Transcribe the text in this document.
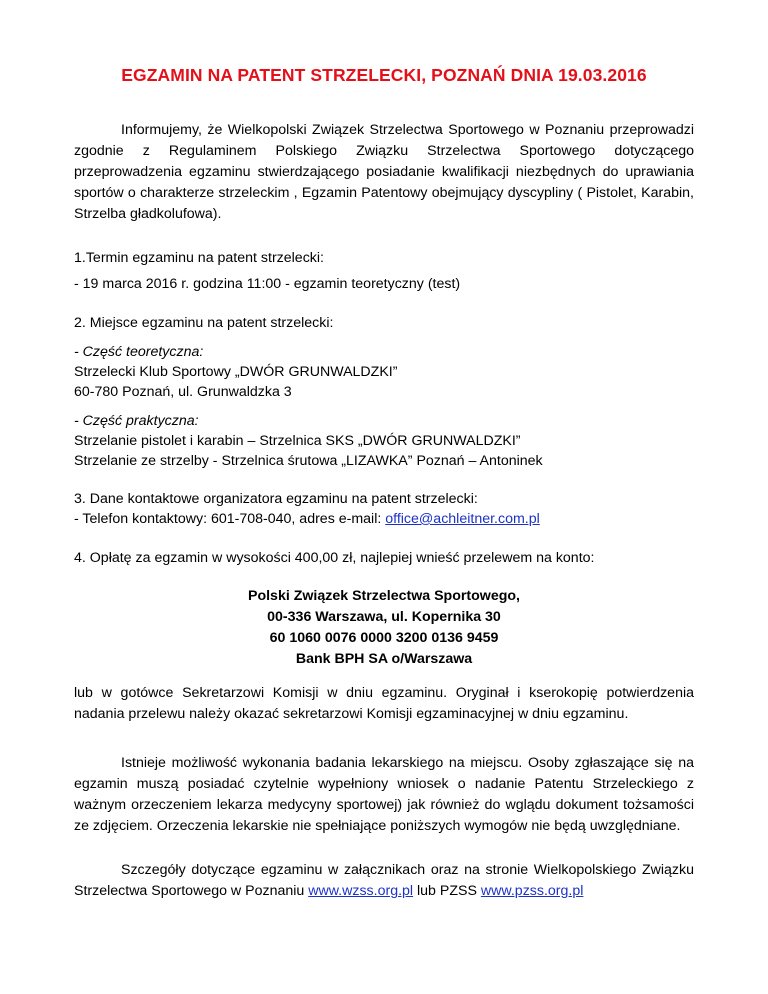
EGZAMIN NA PATENT STRZELECKI, POZNAŃ DNIA 19.03.2016
Informujemy, że Wielkopolski Związek Strzelectwa Sportowego w Poznaniu przeprowadzi zgodnie z Regulaminem Polskiego Związku Strzelectwa Sportowego dotyczącego przeprowadzenia egzaminu stwierdzającego posiadanie kwalifikacji niezbędnych do uprawiania sportów o charakterze strzeleckim , Egzamin Patentowy obejmujący dyscypliny ( Pistolet, Karabin, Strzelba gładkolufowa).
1.Termin egzaminu na patent strzelecki:
- 19 marca 2016 r. godzina 11:00 - egzamin teoretyczny (test)
2. Miejsce egzaminu na patent strzelecki:
- Część teoretyczna:
Strzelecki Klub Sportowy „DWÓR GRUNWALDZKI”
60-780 Poznań, ul. Grunwaldzka 3
- Część praktyczna:
Strzelanie pistolet i karabin – Strzelnica SKS „DWÓR GRUNWALDZKI”
Strzelanie ze strzelby - Strzelnica śrutowa „LIZAWKA” Poznań – Antoninek
3. Dane kontaktowe organizatora egzaminu na patent strzelecki:
- Telefon kontaktowy: 601-708-040, adres e-mail: office@achleitner.com.pl
4. Opłatę za egzamin w wysokości 400,00 zł, najlepiej wnieść przelewem na konto:
Polski Związek Strzelectwa Sportowego,
00-336 Warszawa, ul. Kopernika 30
60 1060 0076 0000 3200 0136 9459
Bank BPH SA o/Warszawa
lub w gotówce Sekretarzowi Komisji w dniu egzaminu. Oryginał i kserokopię potwierdzenia nadania przelewu należy okazać sekretarzowi Komisji egzaminacyjnej w dniu egzaminu.
Istnieje możliwość wykonania badania lekarskiego na miejscu. Osoby zgłaszające się na egzamin muszą posiadać czytelnie wypełniony wniosek o nadanie Patentu Strzeleckiego z ważnym orzeczeniem lekarza medycyny sportowej) jak również do wglądu dokument tożsamości ze zdjęciem. Orzeczenia lekarskie nie spełniające poniższych wymogów nie będą uwzględniane.
Szczegóły dotyczące egzaminu w załącznikach oraz na stronie Wielkopolskiego Związku Strzelectwa Sportowego w Poznaniu www.wzss.org.pl lub PZSS www.pzss.org.pl
